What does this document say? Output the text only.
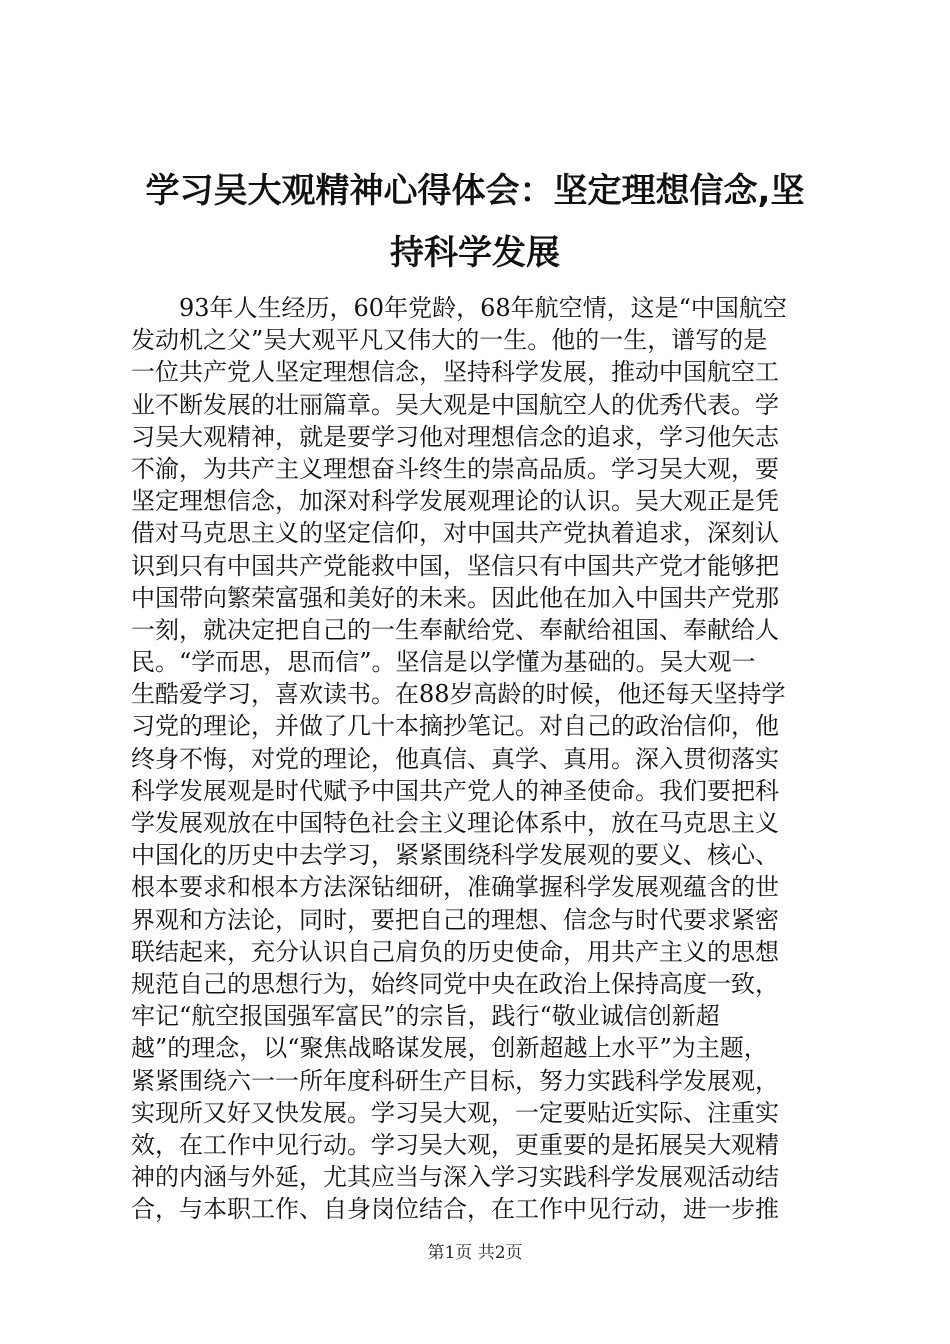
学习吴大观精神心得体会：坚定理想信念,坚
持科学发展
93年人生经历，60年党龄，68年航空情，这是“中国航空
发动机之父”吴大观平凡又伟大的一生。他的一生，谱写的是
一位共产党人坚定理想信念，坚持科学发展，推动中国航空工
业不断发展的壮丽篇章。吴大观是中国航空人的优秀代表。学
习吴大观精神，就是要学习他对理想信念的追求，学习他矢志
不渝，为共产主义理想奋斗终生的崇高品质。学习吴大观，要
坚定理想信念，加深对科学发展观理论的认识。吴大观正是凭
借对马克思主义的坚定信仰，对中国共产党执着追求，深刻认
识到只有中国共产党能救中国，坚信只有中国共产党才能够把
中国带向繁荣富强和美好的未来。因此他在加入中国共产党那
一刻，就决定把自己的一生奉献给党、奉献给祖国、奉献给人
民。“学而思，思而信”。坚信是以学懂为基础的。吴大观一
生酷爱学习，喜欢读书。在88岁高龄的时候，他还每天坚持学
习党的理论，并做了几十本摘抄笔记。对自己的政治信仰，他
终身不悔，对党的理论，他真信、真学、真用。深入贯彻落实
科学发展观是时代赋予中国共产党人的神圣使命。我们要把科
学发展观放在中国特色社会主义理论体系中，放在马克思主义
中国化的历史中去学习，紧紧围绕科学发展观的要义、核心、
根本要求和根本方法深钻细研，准确掌握科学发展观蕴含的世
界观和方法论，同时，要把自己的理想、信念与时代要求紧密
联结起来，充分认识自己肩负的历史使命，用共产主义的思想
规范自己的思想行为，始终同党中央在政治上保持高度一致，
牢记“航空报国强军富民”的宗旨，践行“敬业诚信创新超
越”的理念，以“聚焦战略谋发展，创新超越上水平”为主题，
紧紧围绕六一一所年度科研生产目标，努力实践科学发展观，
实现所又好又快发展。学习吴大观，一定要贴近实际、注重实
效，在工作中见行动。学习吴大观，更重要的是拓展吴大观精
神的内涵与外延，尤其应当与深入学习实践科学发展观活动结
合，与本职工作、自身岗位结合，在工作中见行动，进一步推
第1页 共2页
